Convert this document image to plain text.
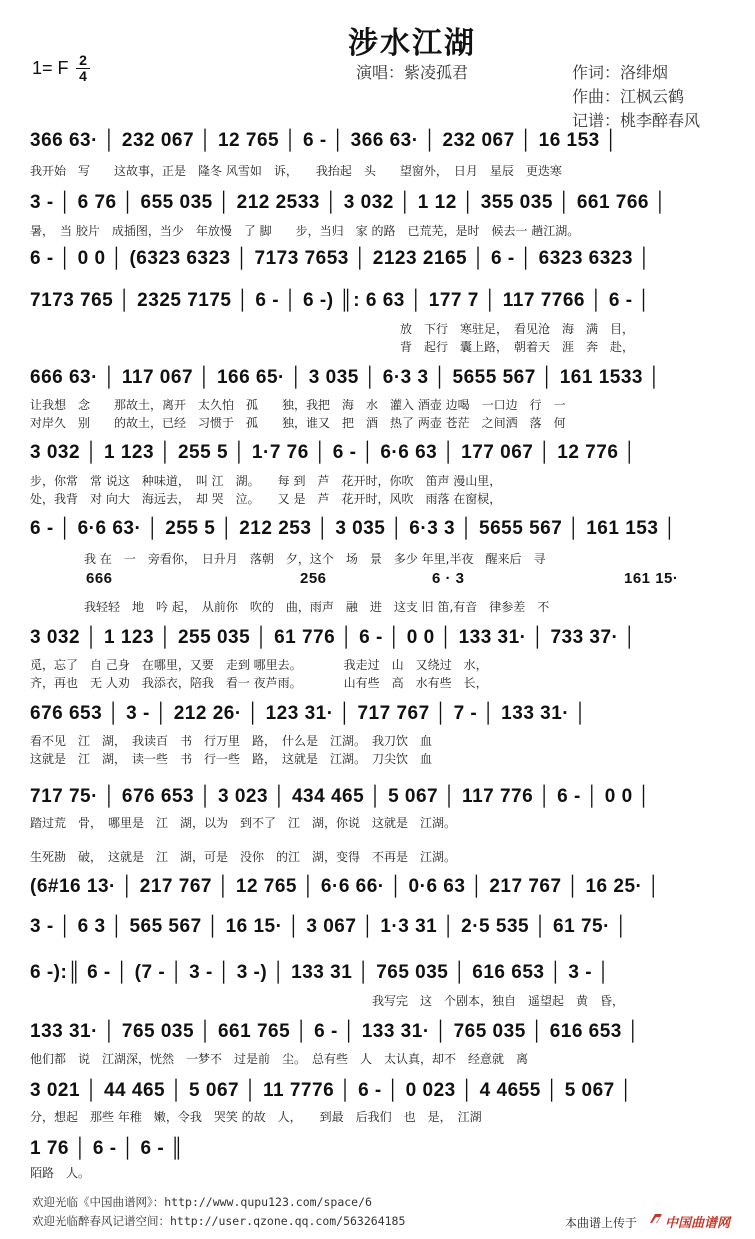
涉水江湖
1= F 2
4	演唱：紫凌孤君	作词：洛绯烟
作曲：江枫云鹤
记谱：桃李醉春风
366 63· │ 232 067 │ 12 765 │ 6 - │ 366 63· │ 232 067 │ 16 153 │
我开始　写　　这故事，正是　隆冬 风雪如　诉，　　我抬起　头　　望窗外，　日月　星辰　更迭寒
3 - │ 6 76 │ 655 035 │ 212 2533 │ 3 032 │ 1 12 │ 355 035 │ 661 766 │
暑，　当 胶片　成插图，当少　年放慢　了 脚　　步，当归　家 的路　已荒芜，是时　候去一 趟江湖。
6 - │ 0 0 │ (6323 6323 │ 7173 7653 │ 2123 2165 │ 6 - │ 6323 6323 │
7173 765 │ 2325 7175 │ 6 - │ 6 -) ║: 6 63 │ 177 7 │ 117 7766 │ 6 - │
放　下行　寒驻足，　看见沧　海　满　目，
背　起行　囊上路，　朝着天　涯　奔　赴，
666 63· │ 117 067 │ 166 65· │ 3 035 │ 6·3 3 │ 5655 567 │ 161 1533 │
让我想　念　　那故土，离开　太久怕　孤　　独，我把　海　水　灌入 酒壶 边喝　一口边　行　一
对岸久　别　　的故土，已经　习惯于　孤　　独，谁又　把　酒　热了 两壶 苍茫　之间洒　落　何
3 032 │ 1 123 │ 255 5 │ 1·7 76 │ 6 - │ 6·6 63 │ 177 067 │ 12 776 │
步，你常　常 说这　种味道，　叫 江　湖。　　每 到　芦　花开时，你吹　笛声 漫山里，
处，我背　对 向大　海远去，　却 哭　泣。　　又 是　芦　花开时，风吹　雨落 在窗棂，
6 - │ 6·6 63· │ 255 5 │ 212 253 │ 3 035 │ 6·3 3 │ 5655 567 │ 161 153 │
我 在　一　旁看你，　日升月　落朝　夕，这个　场　景　多少 年里,半夜　醒来后　寻
666	256	6 · 3	161 15·
我轻轻　地　吟 起，　从前你　吹的　曲，雨声　融　进　这支 旧 笛,有音　律参差　不
3 032 │ 1 123 │ 255 035 │ 61 776 │ 6 - │ 0 0 │ 133 31· │ 733 37· │
觅，忘了　自 己身　在哪里，又要　走到 哪里去。　　　　我走过　山　又绕过　水，
齐，再也　无 人劝　我添衣，陪我　看一 夜芦雨。　　　　山有些　高　水有些　长，
676 653 │ 3 - │ 212 26· │ 123 31· │ 717 767 │ 7 - │ 133 31· │
看不见　江　湖，　我读百　书　行万里　路，　什么是　江湖。　我刀饮　血
这就是　江　湖，　读一些　书　行一些　路，　这就是　江湖。　刀尖饮　血
717 75· │ 676 653 │ 3 023 │ 434 465 │ 5 067 │ 117 776 │ 6 - │ 0 0 │
踏过荒　骨，　哪里是　江　湖，以为　到不了　江　湖，你说　这就是　江湖。
生死勘　破，　这就是　江　湖，可是　没你　的江　湖，变得　不再是　江湖。
(6#16 13· │ 217 767 │ 12 765 │ 6·6 66· │ 0·6 63 │ 217 767 │ 16 25· │
3 - │ 6 3 │ 565 567 │ 16 15· │ 3 067 │ 1·3 31 │ 2·5 535 │ 61 75· │
6 -):║ 6 - │ (7 - │ 3 - │ 3 -) │ 133 31 │ 765 035 │ 616 653 │ 3 - │
我写完　这　个剧本，独自　遥望起　黄　昏，
133 31· │ 765 035 │ 661 765 │ 6 - │ 133 31· │ 765 035 │ 616 653 │
他们都　说　江湖深，恍然　一梦不　过是前　尘。　总有些　人　太认真，却不　经意就　离
3 021 │ 44 465 │ 5 067 │ 11 7776 │ 6 - │ 0 023 │ 4 4655 │ 5 067 │
分，想起　那些 年稚　嫩，令我　哭笑 的故　人，　　到最　后我们　也　是，　江湖
1 76 │ 6 - │ 6 - ║
陌路　人。
欢迎光临《中国曲谱网》：http://www.qupu123.com/space/6
欢迎光临醉春风记谱空间：http://user.qzone.qq.com/563264185	本曲谱上传于 中国曲谱网
